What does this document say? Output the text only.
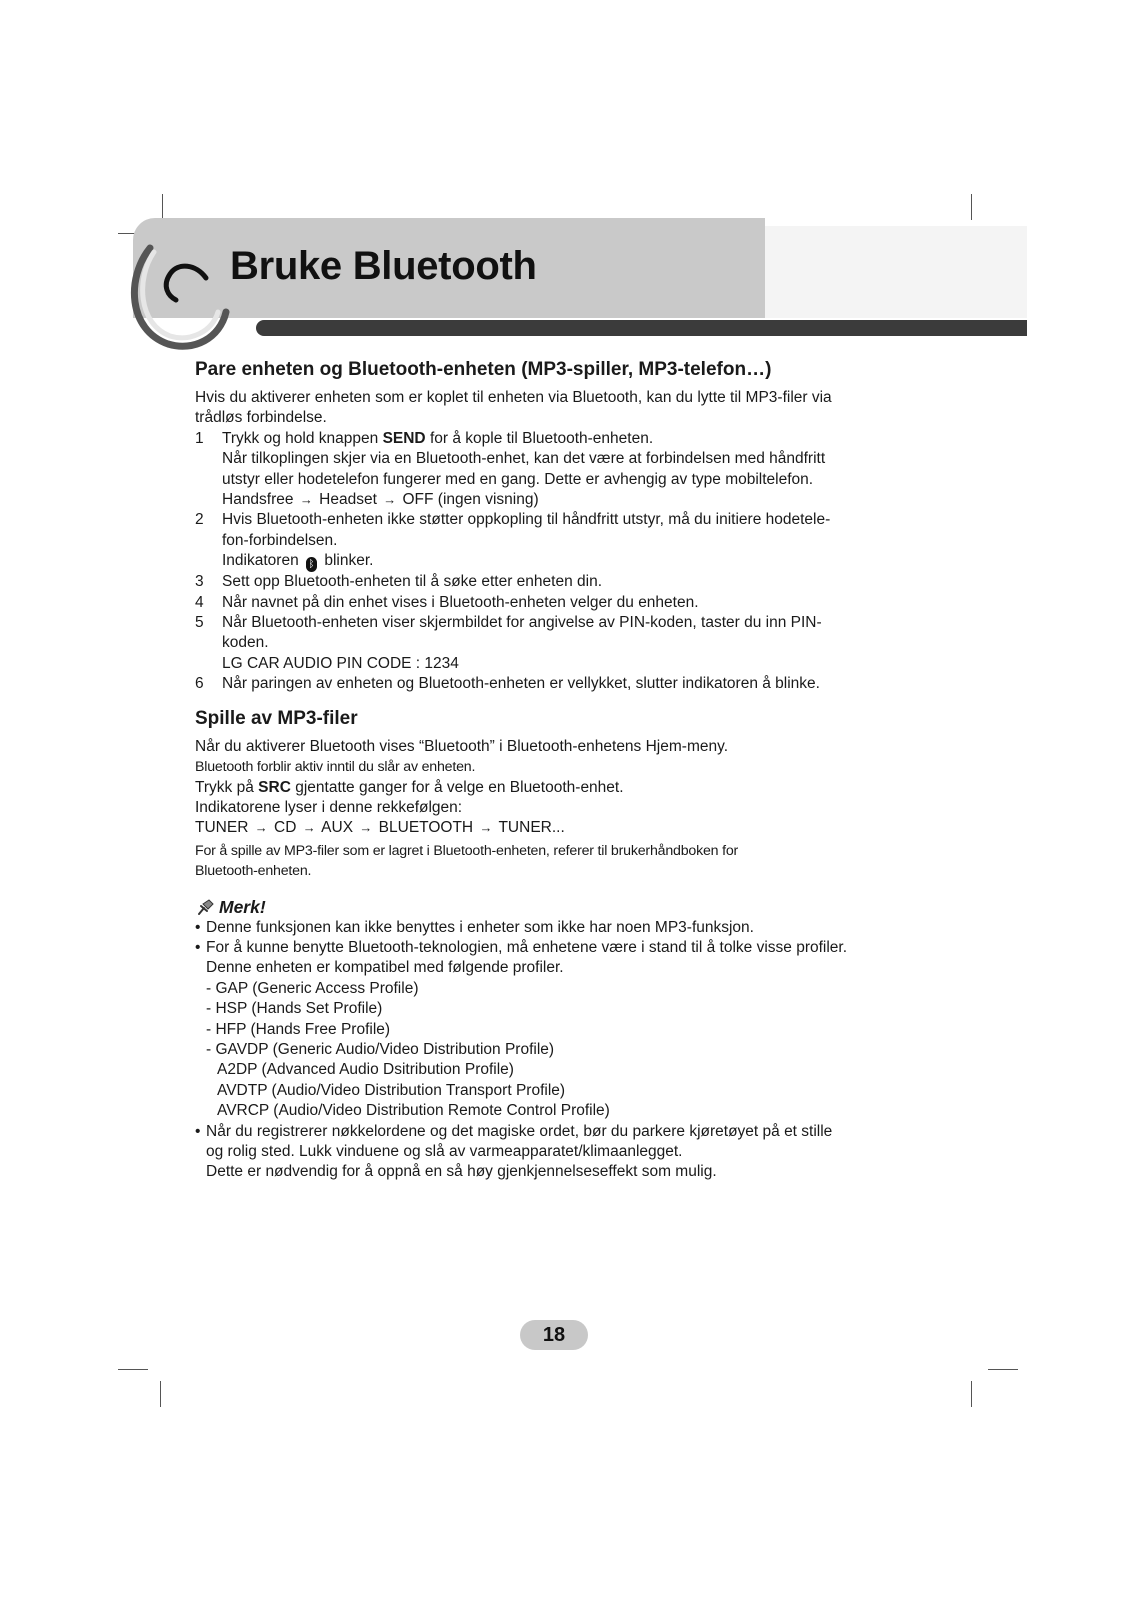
Bruke Bluetooth
Pare enheten og Bluetooth-enheten (MP3-spiller, MP3-telefon…)

Hvis du aktiverer enheten som er koplet til enheten via Bluetooth, kan du lytte til MP3-filer via

trådløs forbindelse.

1 Trykk og hold knappen SEND for å kople til Bluetooth-enheten.
Når tilkoplingen skjer via en Bluetooth-enhet, kan det være at forbindelsen med håndfritt
utstyr eller hodetelefon fungerer med en gang. Dette er avhengig av type mobiltelefon.
Handsfree → Headset → OFF (ingen visning)
2 Hvis Bluetooth-enheten ikke støtter oppkopling til håndfritt utstyr, må du initiere hodetele-
fon-forbindelsen.
Indikatoren ᛒ blinker.
3 Sett opp Bluetooth-enheten til å søke etter enheten din.
4 Når navnet på din enhet vises i Bluetooth-enheten velger du enheten.
5 Når Bluetooth-enheten viser skjermbildet for angivelse av PIN-koden, taster du inn PIN-
koden.
LG CAR AUDIO PIN CODE : 1234
6 Når paringen av enheten og Bluetooth-enheten er vellykket, slutter indikatoren å blinke.
Spille av MP3-filer

Når du aktiverer Bluetooth vises “Bluetooth” i Bluetooth-enhetens Hjem-meny.

Bluetooth forblir aktiv inntil du slår av enheten.

Trykk på SRC gjentatte ganger for å velge en Bluetooth-enhet.

Indikatorene lyser i denne rekkefølgen:

TUNER → CD → AUX → BLUETOOTH → TUNER...

For å spille av MP3-filer som er lagret i Bluetooth-enheten, referer til brukerhåndboken for

Bluetooth-enheten.

Merk!
• Denne funksjonen kan ikke benyttes i enheter som ikke har noen MP3-funksjon.
• For å kunne benytte Bluetooth-teknologien, må enhetene være i stand til å tolke visse profiler.
Denne enheten er kompatibel med følgende profiler.
- GAP (Generic Access Profile)
- HSP (Hands Set Profile)
- HFP (Hands Free Profile)
- GAVDP (Generic Audio/Video Distribution Profile)
A2DP (Advanced Audio Dsitribution Profile)
AVDTP (Audio/Video Distribution Transport Profile)
AVRCP (Audio/Video Distribution Remote Control Profile)
• Når du registrerer nøkkelordene og det magiske ordet, bør du parkere kjøretøyet på et stille
og rolig sted. Lukk vinduene og slå av varmeapparatet/klimaanlegget.
Dette er nødvendig for å oppnå en så høy gjenkjennelseseffekt som mulig.
18
